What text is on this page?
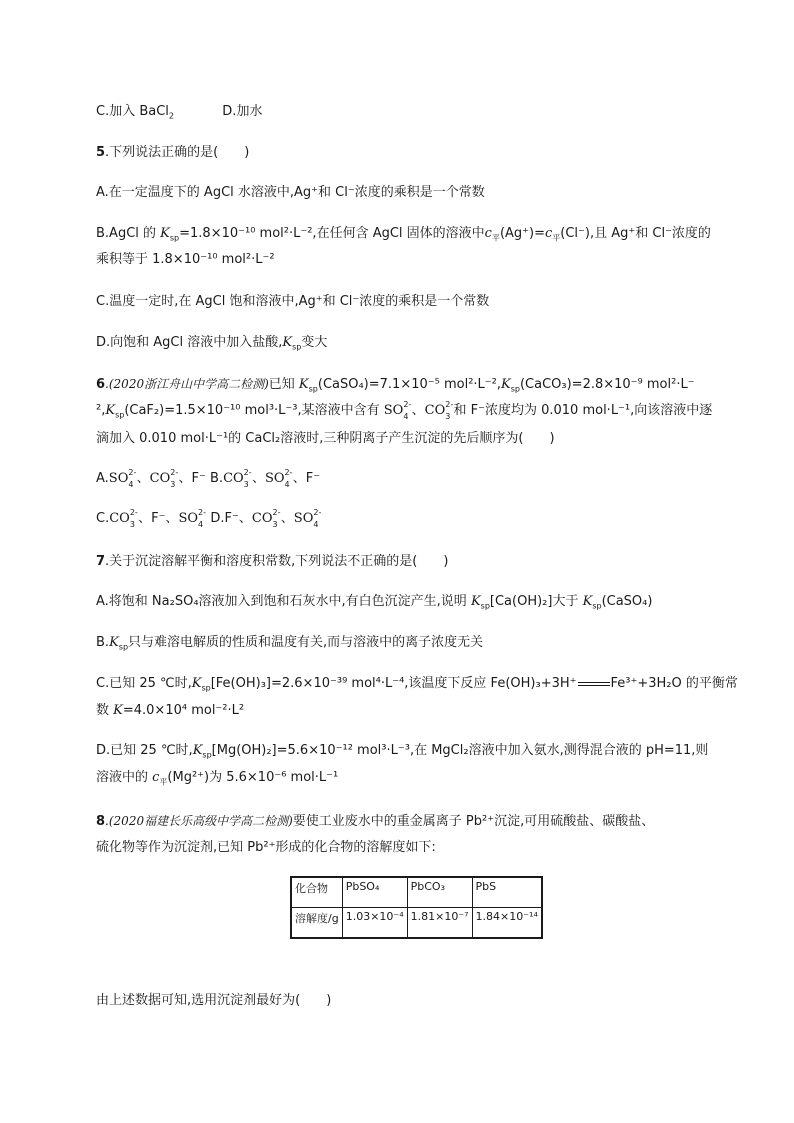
C.加入 BaCl$_2$	D.加水
5.下列说法正确的是(　　)
A.在一定温度下的 AgCl 水溶液中,Ag⁺和 Cl⁻浓度的乘积是一个常数
B.AgCl 的 $K_{sp}=1.8\times 10^{-10}$ mol²·L⁻²,在任何含 AgCl 固体的溶液中$c_平(Ag^+)=c_平(Cl^-)$,且 Ag⁺和 Cl⁻浓度的
乘积等于 1.8×10⁻¹⁰ mol²·L⁻²
C.温度一定时,在 AgCl 饱和溶液中,Ag⁺和 Cl⁻浓度的乘积是一个常数
D.向饱和 AgCl 溶液中加入盐酸$,K_{sp}$变大
6.(2020浙江舟山中学高二检测)已知 $K_{sp}(CaSO_4)=7.1\times 10^{-5}$ $mol^2\cdot L^{-2},K_{sp}(CaCO_3)=2.8\times 10^{-9}$ mol²·L⁻
$^2,K_{sp}(CaF_2)=1.5\times 10^{-10}$ mol³·L⁻³,某溶液中含有 SO 2-
4 、CO 2-
3 和 F⁻浓度均为 0.010 mol·L⁻¹,向该溶液中逐
滴加入 0.010 mol·L⁻¹的 CaCl₂溶液时,三种阴离子产生沉淀的先后顺序为(　　)
A.SO 2-
4 、CO 2-
3 、F⁻ B.CO 2-
3 、SO 2-
4 、F⁻
C.CO 2-
3 、F⁻、SO 2-
4 D.F⁻、CO 2-
3 、SO 2-
4

7.关于沉淀溶解平衡和溶度积常数,下列说法不正确的是(　　)
A.将饱和 Na₂SO₄溶液加入到饱和石灰水中,有白色沉淀产生,说明 $K_{sp}[Ca(OH)_2]$大于 $K_{sp}(CaSO_4)$
$B.K_{sp}$只与难溶电解质的性质和温度有关,而与溶液中的离子浓度无关
C.已知 25 ℃时$,K_{sp}[Fe(OH)_3]=2.6\times 10^{-39}$ mol⁴·L⁻⁴,该温度下反应 Fe(OH)₃+3H⁺	Fe³⁺+3H₂O 的平衡常
数 K=4.0×10⁴ mol⁻²·L²
D.已知 25 ℃时$,K_{sp}[Mg(OH)_2]=5.6\times 10^{-12}$ mol³·L⁻³,在 MgCl₂溶液中加入氨水,测得混合液的 pH=11,则
溶液中的 $c_平(Mg^{2+})$为 5.6×10⁻⁶ mol·L⁻¹
8.(2020福建长乐高级中学高二检测)要使工业废水中的重金属离子 Pb²⁺沉淀,可用硫酸盐、碳酸盐、
硫化物等作为沉淀剂,已知 Pb²⁺形成的化合物的溶解度如下:
化合物	PbSO₄	PbCO₃	PbS
溶解度/g	1.03×10⁻⁴	1.81×10⁻⁷	1.84×10⁻¹⁴
由上述数据可知,选用沉淀剂最好为(　　)
